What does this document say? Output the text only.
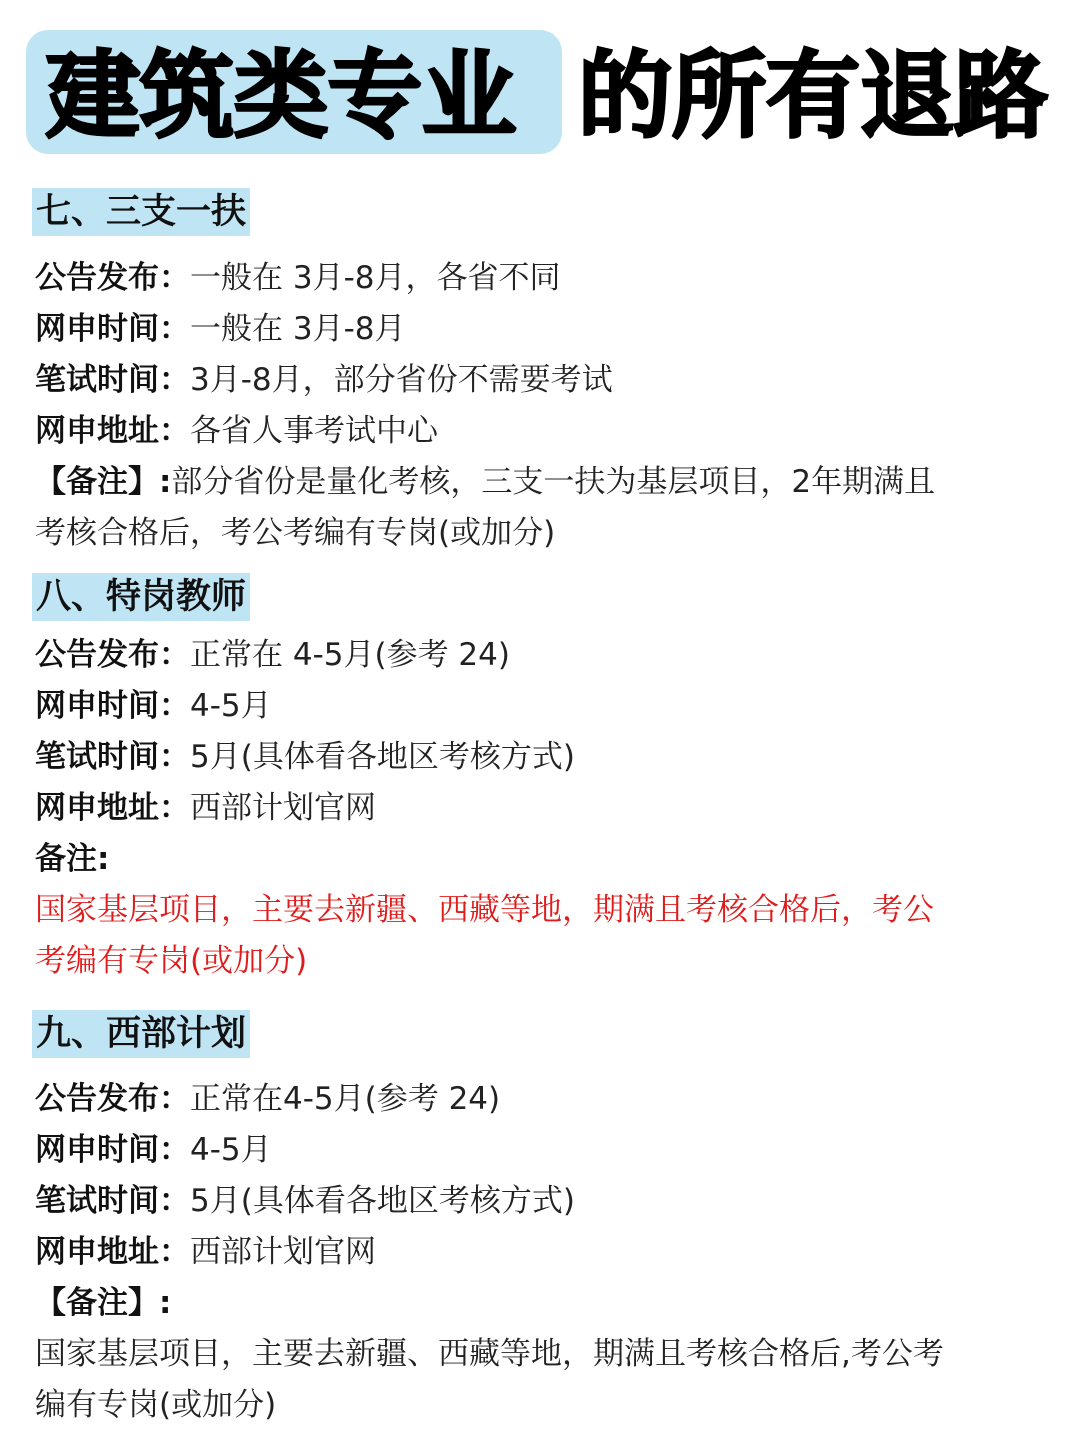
建筑类专业 的所有退路
七、三支一扶
公告发布：一般在 3月-8月，各省不同
网申时间：一般在 3月-8月
笔试时间：3月-8月，部分省份不需要考试
网申地址：各省人事考试中心
【备注】:部分省份是量化考核，三支一扶为基层项目，2年期满且
考核合格后，考公考编有专岗(或加分)
八、特岗教师
公告发布：正常在 4-5月(参考 24)
网申时间：4-5月
笔试时间：5月(具体看各地区考核方式)
网申地址：西部计划官网
备注:
国家基层项目，主要去新疆、西藏等地，期满且考核合格后，考公
考编有专岗(或加分)
九、西部计划
公告发布：正常在4-5月(参考 24)
网申时间：4-5月
笔试时间：5月(具体看各地区考核方式)
网申地址：西部计划官网
【备注】:
国家基层项目，主要去新疆、西藏等地，期满且考核合格后,考公考
编有专岗(或加分)
